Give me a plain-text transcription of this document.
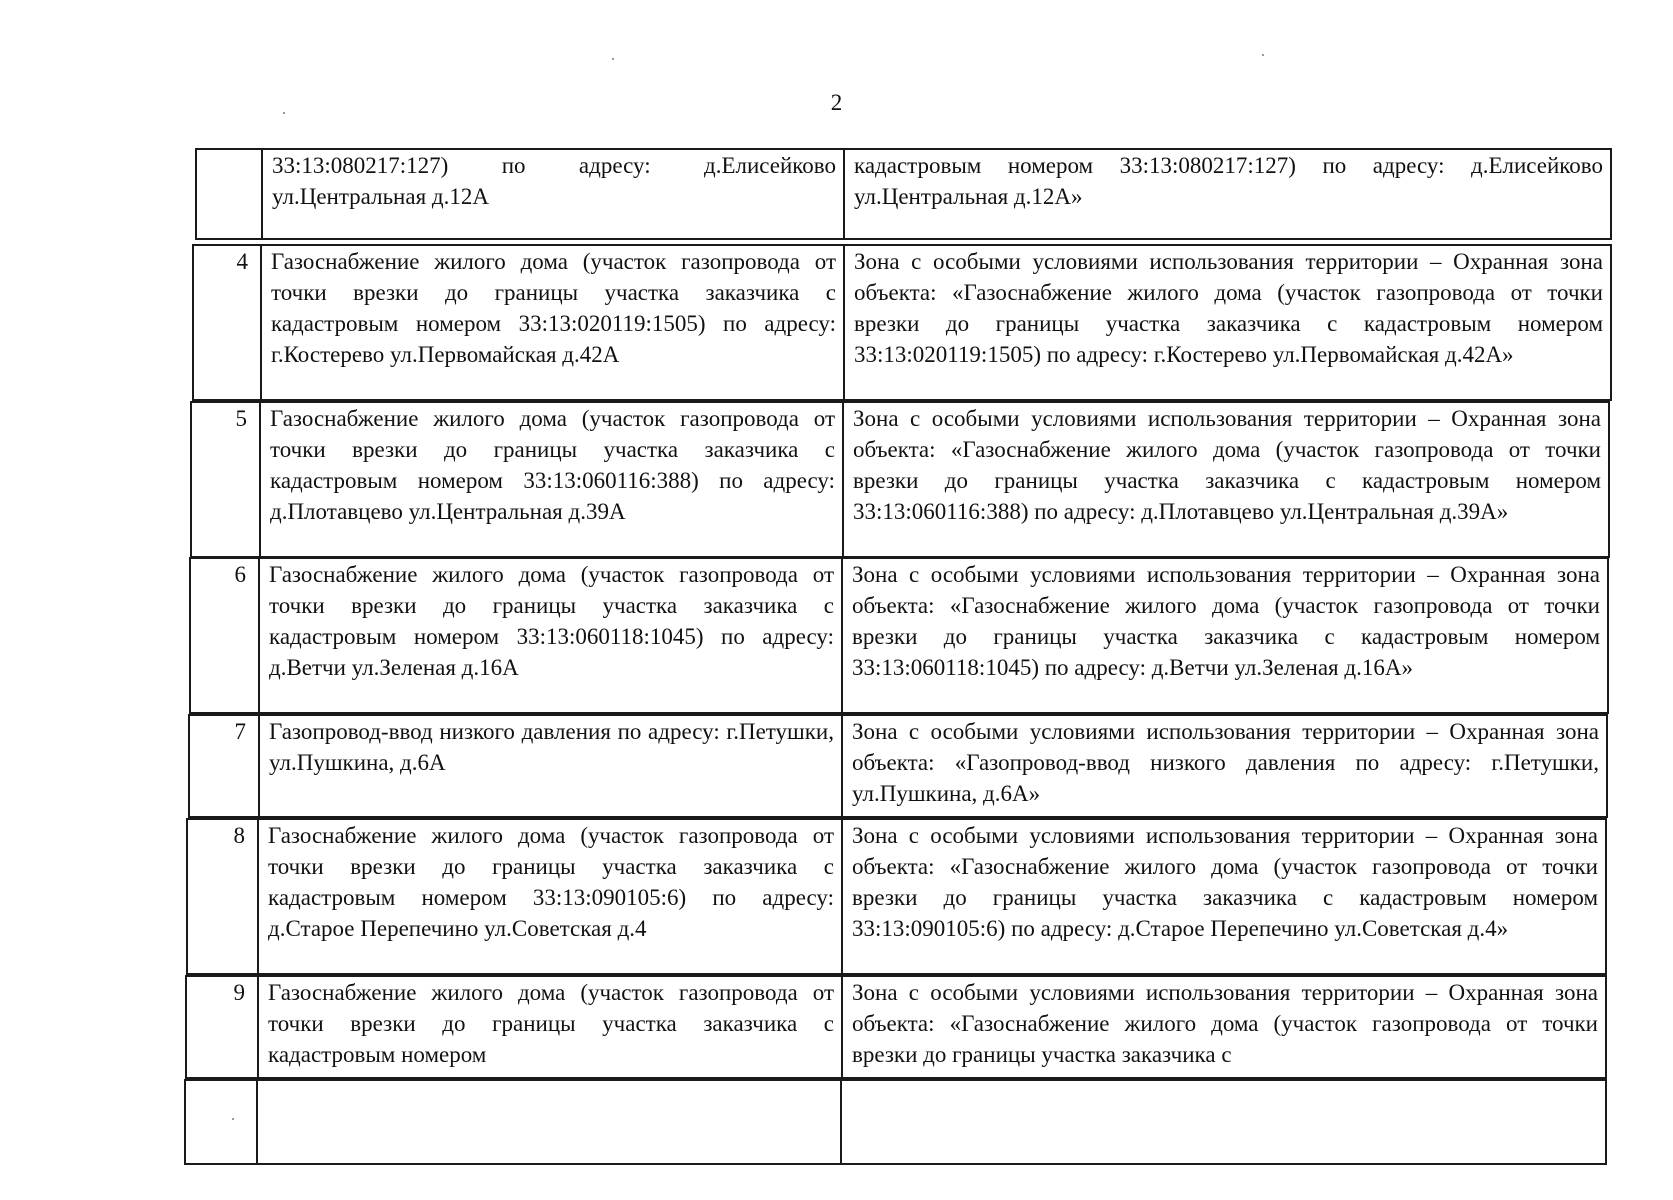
2
	33:13:080217:127) по адресу: д.Елисейково ул.Центральная д.12А	кадастровым номером 33:13:080217:127) по адресу: д.Елисейково ул.Центральная д.12А»
4	Газоснабжение жилого дома (участок газопровода от точки врезки до границы участка заказчика с кадастровым номером 33:13:020119:1505) по адресу: г.Костерево ул.Первомайская д.42А	Зона с особыми условиями использования территории – Охранная зона объекта: «Газоснабжение жилого дома (участок газопровода от точки врезки до границы участка заказчика с кадастровым номером 33:13:020119:1505) по адресу: г.Костерево ул.Первомайская д.42А»
5	Газоснабжение жилого дома (участок газопровода от точки врезки до границы участка заказчика с кадастровым номером 33:13:060116:388) по адресу: д.Плотавцево ул.Центральная д.39А	Зона с особыми условиями использования территории – Охранная зона объекта: «Газоснабжение жилого дома (участок газопровода от точки врезки до границы участка заказчика с кадастровым номером 33:13:060116:388) по адресу: д.Плотавцево ул.Центральная д.39А»
6	Газоснабжение жилого дома (участок газопровода от точки врезки до границы участка заказчика с кадастровым номером 33:13:060118:1045) по адресу: д.Ветчи ул.Зеленая д.16А	Зона с особыми условиями использования территории – Охранная зона объекта: «Газоснабжение жилого дома (участок газопровода от точки врезки до границы участка заказчика с кадастровым номером 33:13:060118:1045) по адресу: д.Ветчи ул.Зеленая д.16А»
7	Газопровод-ввод низкого давления по адресу: г.Петушки, ул.Пушкина, д.6А	Зона с особыми условиями использования территории – Охранная зона объекта: «Газопровод-ввод низкого давления по адресу: г.Петушки, ул.Пушкина, д.6А»
8	Газоснабжение жилого дома (участок газопровода от точки врезки до границы участка заказчика с кадастровым номером 33:13:090105:6) по адресу: д.Старое Перепечино ул.Советская д.4	Зона с особыми условиями использования территории – Охранная зона объекта: «Газоснабжение жилого дома (участок газопровода от точки врезки до границы участка заказчика с кадастровым номером 33:13:090105:6) по адресу: д.Старое Перепечино ул.Советская д.4»
9	Газоснабжение жилого дома (участок газопровода от точки врезки до границы участка заказчика с кадастровым номером	Зона с особыми условиями использования территории – Охранная зона объекта: «Газоснабжение жилого дома (участок газопровода от точки врезки до границы участка заказчика с
